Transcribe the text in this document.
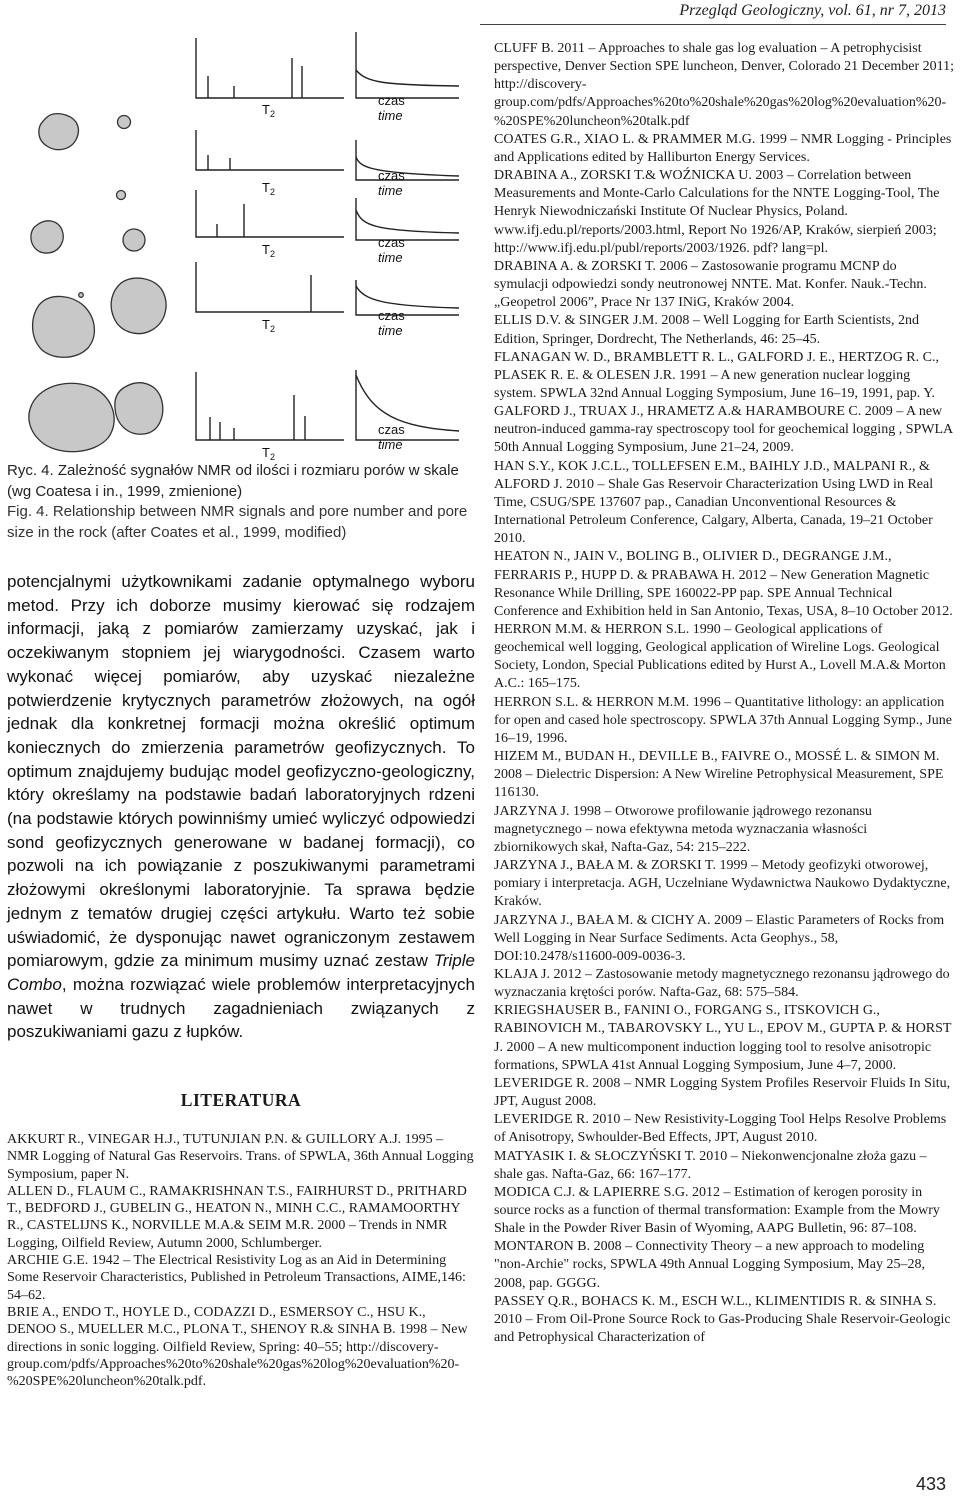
Przegląd Geologiczny, vol. 61, nr 7, 2013
$T_2$
$T_2$
$T_2$
$T_2$
$T_2$
czas
time
czas
time
czas
time
czas
time
czas
time

Ryc. 4. Zależność sygnałów NMR od ilości i rozmiaru porów w skale (wg Coatesa i in., 1999, zmienione)

Fig. 4. Relationship between NMR signals and pore number and pore size in the rock (after Coates et al., 1999, modified)

potencjalnymi użytkownikami zadanie optymalnego wyboru metod. Przy ich doborze musimy kierować się rodzajem informacji, jaką z pomiarów zamierzamy uzyskać, jak i oczekiwanym stopniem jej wiarygodności. Czasem warto wykonać więcej pomiarów, aby uzyskać niezależne potwierdzenie krytycznych parametrów złożowych, na ogół jednak dla konkretnej formacji można określić optimum koniecznych do zmierzenia parametrów geofizycznych. To optimum znajdujemy budując model geofizyczno-geologiczny, który określamy na podstawie badań laboratoryjnych rdzeni (na podstawie których powinniśmy umieć wyliczyć odpowiedzi sond geofizycznych generowane w badanej formacji), co pozwoli na ich powiązanie z poszukiwanymi parametrami złożowymi określonymi laboratoryjnie. Ta sprawa będzie jednym z tematów drugiej części artykułu. Warto też sobie uświadomić, że dysponując nawet ograniczonym zestawem pomiarowym, gdzie za minimum musimy uznać zestaw Triple Combo, można rozwiązać wiele problemów interpretacyjnych nawet w trudnych zagadnieniach związanych z poszukiwaniami gazu z łupków.

LITERATURA

AKKURT R., VINEGAR H.J., TUTUNJIAN P.N. & GUILLORY A.J. 1995 – NMR Logging of Natural Gas Reservoirs. Trans. of SPWLA, 36th Annual Logging Symposium, paper N.

ALLEN D., FLAUM C., RAMAKRISHNAN T.S., FAIRHURST D., PRITHARD T., BEDFORD J., GUBELIN G., HEATON N., MINH C.C., RAMAMOORTHY R., CASTELIJNS K., NORVILLE M.A.& SEIM M.R. 2000 – Trends in NMR Logging, Oilfield Review, Autumn 2000, Schlumberger.

ARCHIE G.E. 1942 – The Electrical Resistivity Log as an Aid in Determining Some Reservoir Characteristics, Published in Petroleum Transactions, AIME,146: 54–62.

BRIE A., ENDO T., HOYLE D., CODAZZI D., ESMERSOY C., HSU K., DENOO S., MUELLER M.C., PLONA T., SHENOY R.& SINHA B. 1998 – New directions in sonic logging. Oilfield Review, Spring: 40–55; http://discovery-group.com/pdfs/Approaches%20to%20shale%20gas%20log%20evaluation%20-%20SPE%20luncheon%20talk.pdf.

CLUFF B. 2011 – Approaches to shale gas log evaluation – A petrophycisist perspective, Denver Section SPE luncheon, Denver, Colorado 21 December 2011; http://discovery-group.com/pdfs/Approaches%20to%20shale%20gas%20log%20evaluation%20-%20SPE%20luncheon%20talk.pdf

COATES G.R., XIAO L. & PRAMMER M.G. 1999 – NMR Logging - Principles and Applications edited by Halliburton Energy Services.

DRABINA A., ZORSKI T.& WOŹNICKA U. 2003 – Correlation between Measurements and Monte-Carlo Calculations for the NNTE Logging-Tool, The Henryk Niewodniczański Institute Of Nuclear Physics, Poland. www.ifj.edu.pl/reports/2003.html, Report No 1926/AP, Kraków, sierpień 2003; http://www.ifj.edu.pl/publ/reports/2003/1926. pdf? lang=pl.

DRABINA A. & ZORSKI T. 2006 – Zastosowanie programu MCNP do symulacji odpowiedzi sondy neutronowej NNTE. Mat. Konfer. Nauk.-Techn. „Geopetrol 2006”, Prace Nr 137 INiG, Kraków 2004.

ELLIS D.V. & SINGER J.M. 2008 – Well Logging for Earth Scientists, 2nd Edition, Springer, Dordrecht, The Netherlands, 46: 25–45.

FLANAGAN W. D., BRAMBLETT R. L., GALFORD J. E., HERTZOG R. C., PLASEK R. E. & OLESEN J.R. 1991 – A new generation nuclear logging system. SPWLA 32nd Annual Logging Symposium, June 16–19, 1991, pap. Y.

GALFORD J., TRUAX J., HRAMETZ A.& HARAMBOURE C. 2009 – A new neutron-induced gamma-ray spectroscopy tool for geochemical logging , SPWLA 50th Annual Logging Symposium, June 21–24, 2009.

HAN S.Y., KOK J.C.L., TOLLEFSEN E.M., BAIHLY J.D., MALPANI R., & ALFORD J. 2010 – Shale Gas Reservoir Characterization Using LWD in Real Time, CSUG/SPE 137607 pap., Canadian Unconventional Resources & International Petroleum Conference, Calgary, Alberta, Canada, 19–21 October 2010.

HEATON N., JAIN V., BOLING B., OLIVIER D., DEGRANGE J.M., FERRARIS P., HUPP D. & PRABAWA H. 2012 – New Generation Magnetic Resonance While Drilling, SPE 160022-PP pap. SPE Annual Technical Conference and Exhibition held in San Antonio, Texas, USA, 8–10 October 2012.

HERRON M.M. & HERRON S.L. 1990 – Geological applications of geochemical well logging, Geological application of Wireline Logs. Geological Society, London, Special Publications edited by Hurst A., Lovell M.A.& Morton A.C.: 165–175.

HERRON S.L. & HERRON M.M. 1996 – Quantitative lithology: an application for open and cased hole spectroscopy. SPWLA 37th Annual Logging Symp., June 16–19, 1996.

HIZEM M., BUDAN H., DEVILLE B., FAIVRE O., MOSSÉ L. & SIMON M. 2008 – Dielectric Dispersion: A New Wireline Petrophysical Measurement, SPE 116130.

JARZYNA J. 1998 – Otworowe profilowanie jądrowego rezonansu magnetycznego – nowa efektywna metoda wyznaczania własności zbiornikowych skał, Nafta-Gaz, 54: 215–222.

JARZYNA J., BAŁA M. & ZORSKI T. 1999 – Metody geofizyki otworowej, pomiary i interpretacja. AGH, Uczelniane Wydawnictwa Naukowo Dydaktyczne, Kraków.

JARZYNA J., BAŁA M. & CICHY A. 2009 – Elastic Parameters of Rocks from Well Logging in Near Surface Sediments. Acta Geophys., 58, DOI:10.2478/s11600-009-0036-3.

KLAJA J. 2012 – Zastosowanie metody magnetycznego rezonansu jądrowego do wyznaczania krętości porów. Nafta-Gaz, 68: 575–584.

KRIEGSHAUSER B., FANINI O., FORGANG S., ITSKOVICH G., RABINOVICH M., TABAROVSKY L., YU L., EPOV M., GUPTA P. & HORST J. 2000 – A new multicomponent induction logging tool to resolve anisotropic formations, SPWLA 41st Annual Logging Symposium, June 4–7, 2000.

LEVERIDGE R. 2008 – NMR Logging System Profiles Reservoir Fluids In Situ, JPT, August 2008.

LEVERIDGE R. 2010 – New Resistivity-Logging Tool Helps Resolve Problems of Anisotropy, Swhoulder-Bed Effects, JPT, August 2010.

MATYASIK I. & SŁOCZYŃSKI T. 2010 – Niekonwencjonalne złoża gazu – shale gas. Nafta-Gaz, 66: 167–177.

MODICA C.J. & LAPIERRE S.G. 2012 – Estimation of kerogen porosity in source rocks as a function of thermal transformation: Example from the Mowry Shale in the Powder River Basin of Wyoming, AAPG Bulletin, 96: 87–108.

MONTARON B. 2008 – Connectivity Theory – a new approach to modeling "non-Archie" rocks, SPWLA 49th Annual Logging Symposium, May 25–28, 2008, pap. GGGG.

PASSEY Q.R., BOHACS K. M., ESCH W.L., KLIMENTIDIS R. & SINHA S. 2010 – From Oil-Prone Source Rock to Gas-Producing Shale Reservoir-Geologic and Petrophysical Characterization of

433
